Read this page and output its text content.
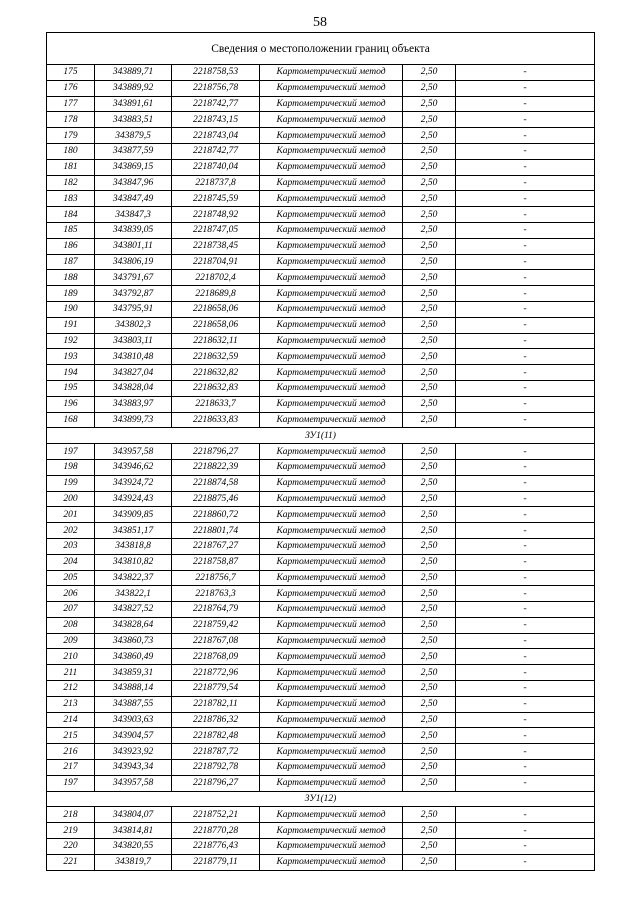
58
Сведения о местоположении границ объекта					
175	343889,71	2218758,53	Картометрический метод	2,50	-
176	343889,92	2218756,78	Картометрический метод	2,50	-
177	343891,61	2218742,77	Картометрический метод	2,50	-
178	343883,51	2218743,15	Картометрический метод	2,50	-
179	343879,5	2218743,04	Картометрический метод	2,50	-
180	343877,59	2218742,77	Картометрический метод	2,50	-
181	343869,15	2218740,04	Картометрический метод	2,50	-
182	343847,96	2218737,8	Картометрический метод	2,50	-
183	343847,49	2218745,59	Картометрический метод	2,50	-
184	343847,3	2218748,92	Картометрический метод	2,50	-
185	343839,05	2218747,05	Картометрический метод	2,50	-
186	343801,11	2218738,45	Картометрический метод	2,50	-
187	343806,19	2218704,91	Картометрический метод	2,50	-
188	343791,67	2218702,4	Картометрический метод	2,50	-
189	343792,87	2218689,8	Картометрический метод	2,50	-
190	343795,91	2218658,06	Картометрический метод	2,50	-
191	343802,3	2218658,06	Картометрический метод	2,50	-
192	343803,11	2218632,11	Картометрический метод	2,50	-
193	343810,48	2218632,59	Картометрический метод	2,50	-
194	343827,04	2218632,82	Картометрический метод	2,50	-
195	343828,04	2218632,83	Картометрический метод	2,50	-
196	343883,97	2218633,7	Картометрический метод	2,50	-
168	343899,73	2218633,83	Картометрический метод	2,50	-
ЗУ1(11)					
197	343957,58	2218796,27	Картометрический метод	2,50	-
198	343946,62	2218822,39	Картометрический метод	2,50	-
199	343924,72	2218874,58	Картометрический метод	2,50	-
200	343924,43	2218875,46	Картометрический метод	2,50	-
201	343909,85	2218860,72	Картометрический метод	2,50	-
202	343851,17	2218801,74	Картометрический метод	2,50	-
203	343818,8	2218767,27	Картометрический метод	2,50	-
204	343810,82	2218758,87	Картометрический метод	2,50	-
205	343822,37	2218756,7	Картометрический метод	2,50	-
206	343822,1	2218763,3	Картометрический метод	2,50	-
207	343827,52	2218764,79	Картометрический метод	2,50	-
208	343828,64	2218759,42	Картометрический метод	2,50	-
209	343860,73	2218767,08	Картометрический метод	2,50	-
210	343860,49	2218768,09	Картометрический метод	2,50	-
211	343859,31	2218772,96	Картометрический метод	2,50	-
212	343888,14	2218779,54	Картометрический метод	2,50	-
213	343887,55	2218782,11	Картометрический метод	2,50	-
214	343903,63	2218786,32	Картометрический метод	2,50	-
215	343904,57	2218782,48	Картометрический метод	2,50	-
216	343923,92	2218787,72	Картометрический метод	2,50	-
217	343943,34	2218792,78	Картометрический метод	2,50	-
197	343957,58	2218796,27	Картометрический метод	2,50	-
ЗУ1(12)					
218	343804,07	2218752,21	Картометрический метод	2,50	-
219	343814,81	2218770,28	Картометрический метод	2,50	-
220	343820,55	2218776,43	Картометрический метод	2,50	-
221	343819,7	2218779,11	Картометрический метод	2,50	-
